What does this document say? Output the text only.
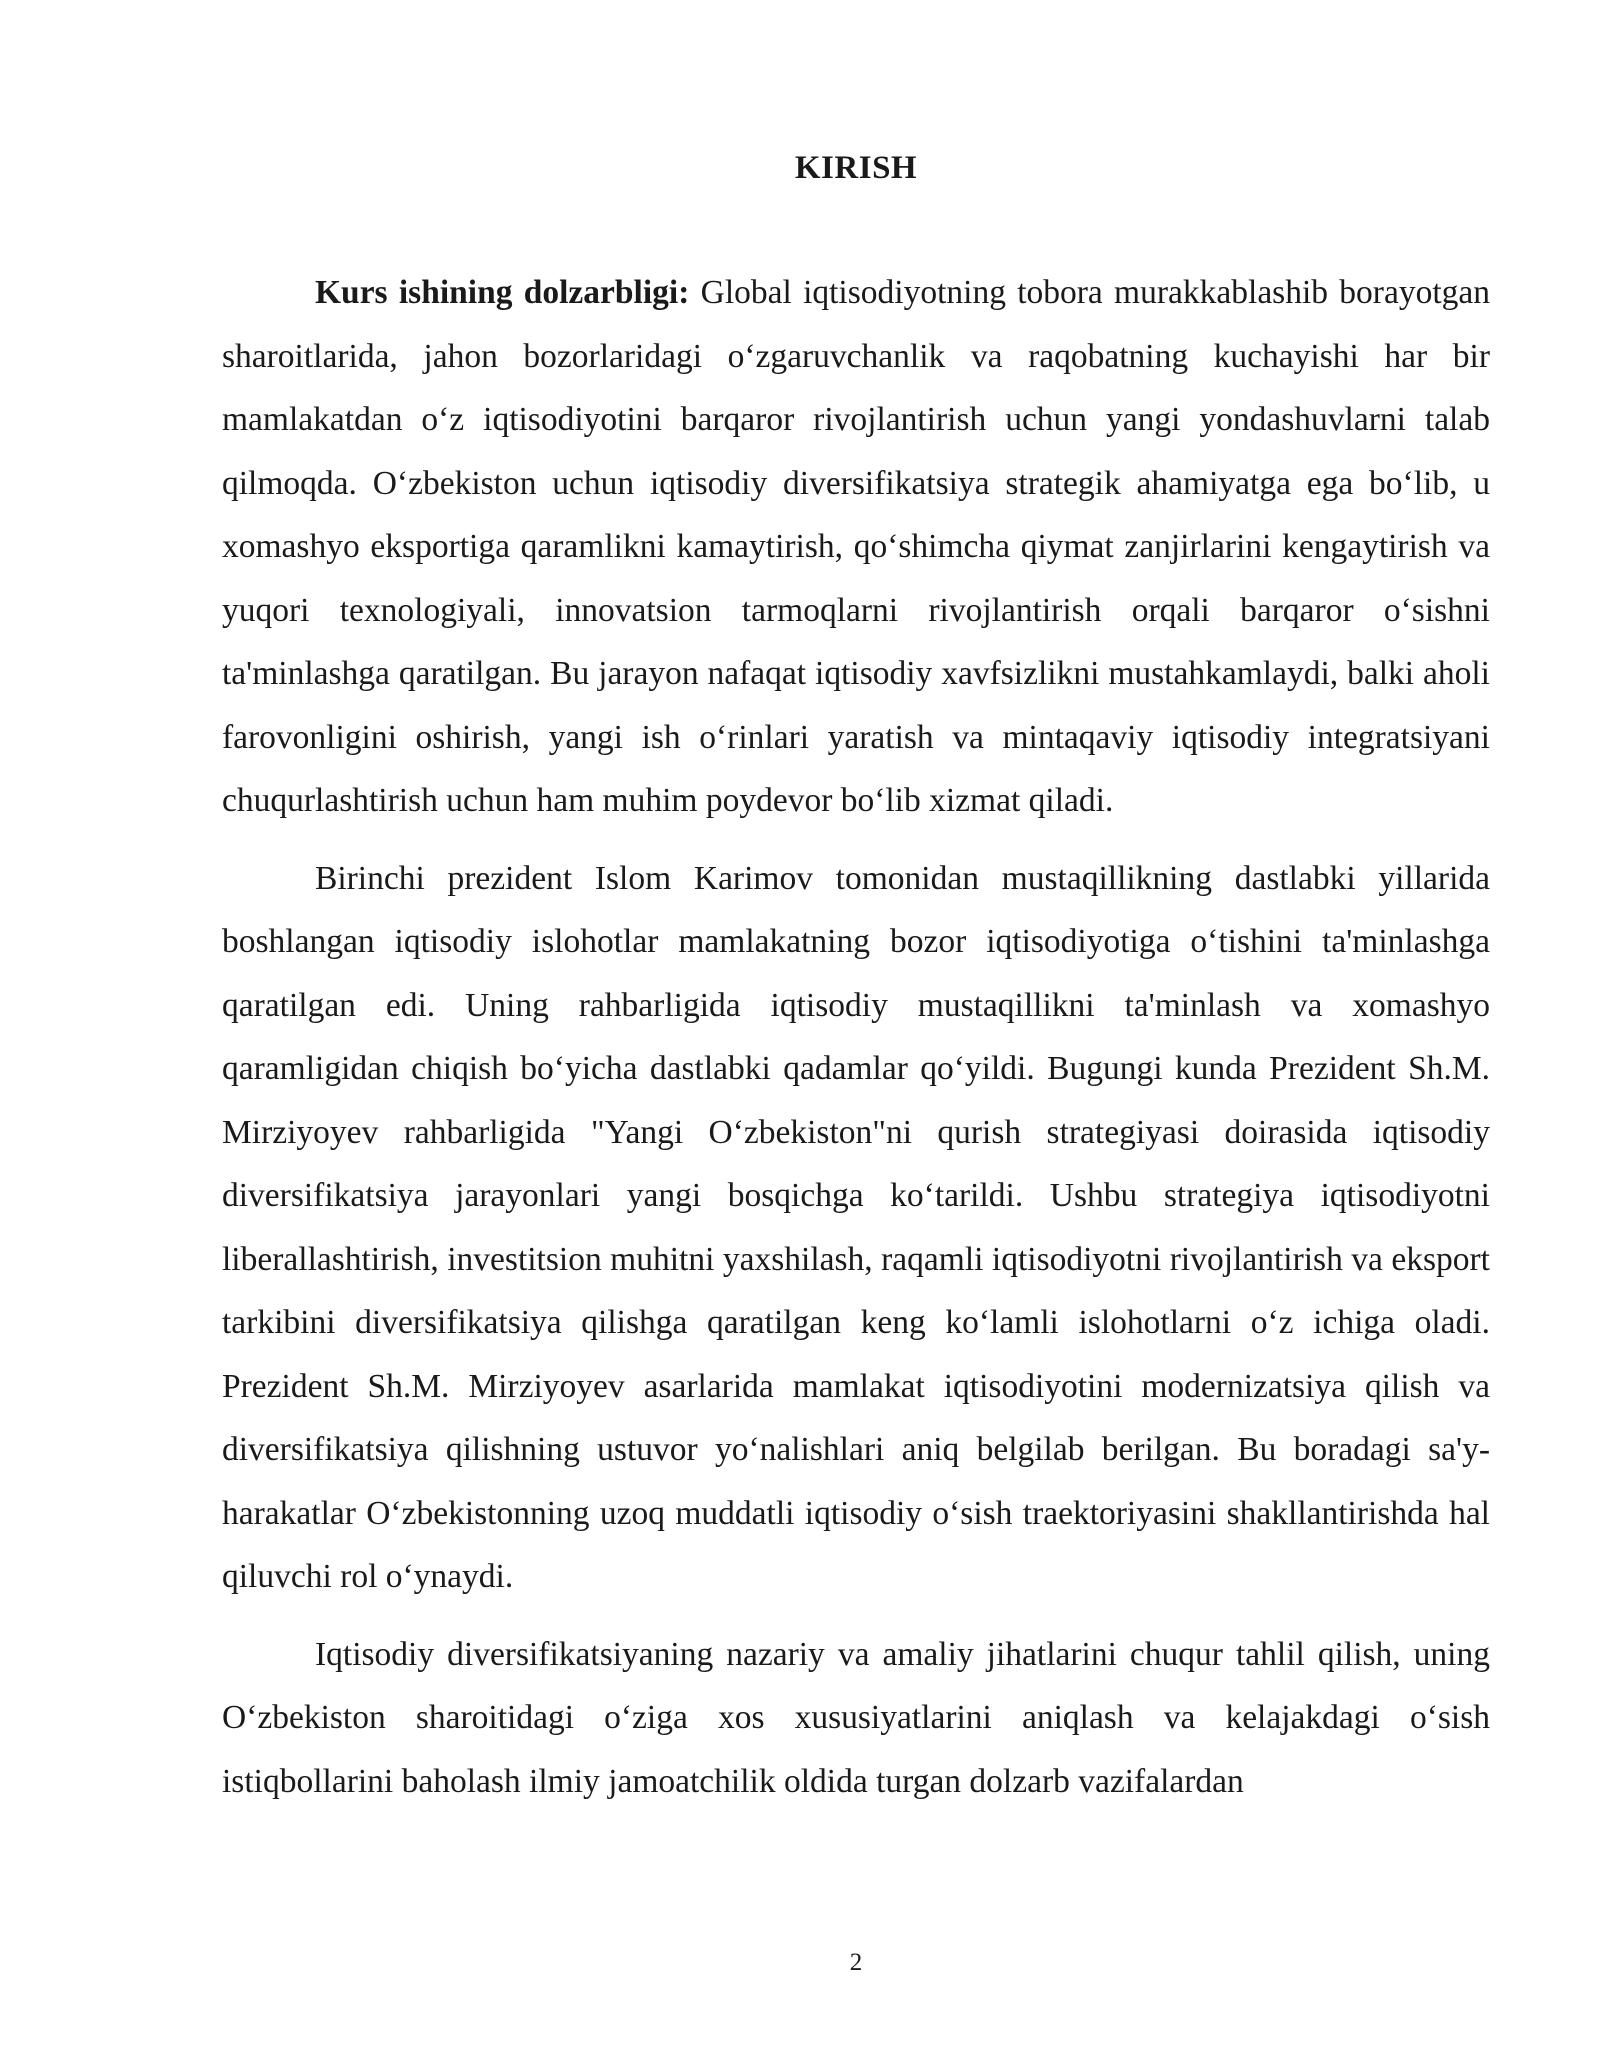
KIRISH

Kurs ishining dolzarbligi: Global iqtisodiyotning tobora murakkablashib borayotgan sharoitlarida, jahon bozorlaridagi o‘zgaruvchanlik va raqobatning kuchayishi har bir mamlakatdan o‘z iqtisodiyotini barqaror rivojlantirish uchun yangi yondashuvlarni talab qilmoqda. O‘zbekiston uchun iqtisodiy diversifikatsiya strategik ahamiyatga ega bo‘lib, u xomashyo eksportiga qaramlikni kamaytirish, qo‘shimcha qiymat zanjirlarini kengaytirish va yuqori texnologiyali, innovatsion tarmoqlarni rivojlantirish orqali barqaror o‘sishni ta'minlashga qaratilgan. Bu jarayon nafaqat iqtisodiy xavfsizlikni mustahkamlaydi, balki aholi farovonligini oshirish, yangi ish o‘rinlari yaratish va mintaqaviy iqtisodiy integratsiyani chuqurlashtirish uchun ham muhim poydevor bo‘lib xizmat qiladi.

Birinchi prezident Islom Karimov tomonidan mustaqillikning dastlabki yillarida boshlangan iqtisodiy islohotlar mamlakatning bozor iqtisodiyotiga o‘tishini ta'minlashga qaratilgan edi. Uning rahbarligida iqtisodiy mustaqillikni ta'minlash va xomashyo qaramligidan chiqish bo‘yicha dastlabki qadamlar qo‘yildi. Bugungi kunda Prezident Sh.M. Mirziyoyev rahbarligida "Yangi O‘zbekiston"ni qurish strategiyasi doirasida iqtisodiy diversifikatsiya jarayonlari yangi bosqichga ko‘tarildi. Ushbu strategiya iqtisodiyotni liberallashtirish, investitsion muhitni yaxshilash, raqamli iqtisodiyotni rivojlantirish va eksport tarkibini diversifikatsiya qilishga qaratilgan keng ko‘lamli islohotlarni o‘z ichiga oladi. Prezident Sh.M. Mirziyoyev asarlarida mamlakat iqtisodiyotini modernizatsiya qilish va diversifikatsiya qilishning ustuvor yo‘nalishlari aniq belgilab berilgan. Bu boradagi sa'y-harakatlar O‘zbekistonning uzoq muddatli iqtisodiy o‘sish traektoriyasini shakllantirishda hal qiluvchi rol o‘ynaydi.

Iqtisodiy diversifikatsiyaning nazariy va amaliy jihatlarini chuqur tahlil qilish, uning O‘zbekiston sharoitidagi o‘ziga xos xususiyatlarini aniqlash va kelajakdagi o‘sish istiqbollarini baholash ilmiy jamoatchilik oldida turgan dolzarb vazifalardan

2
